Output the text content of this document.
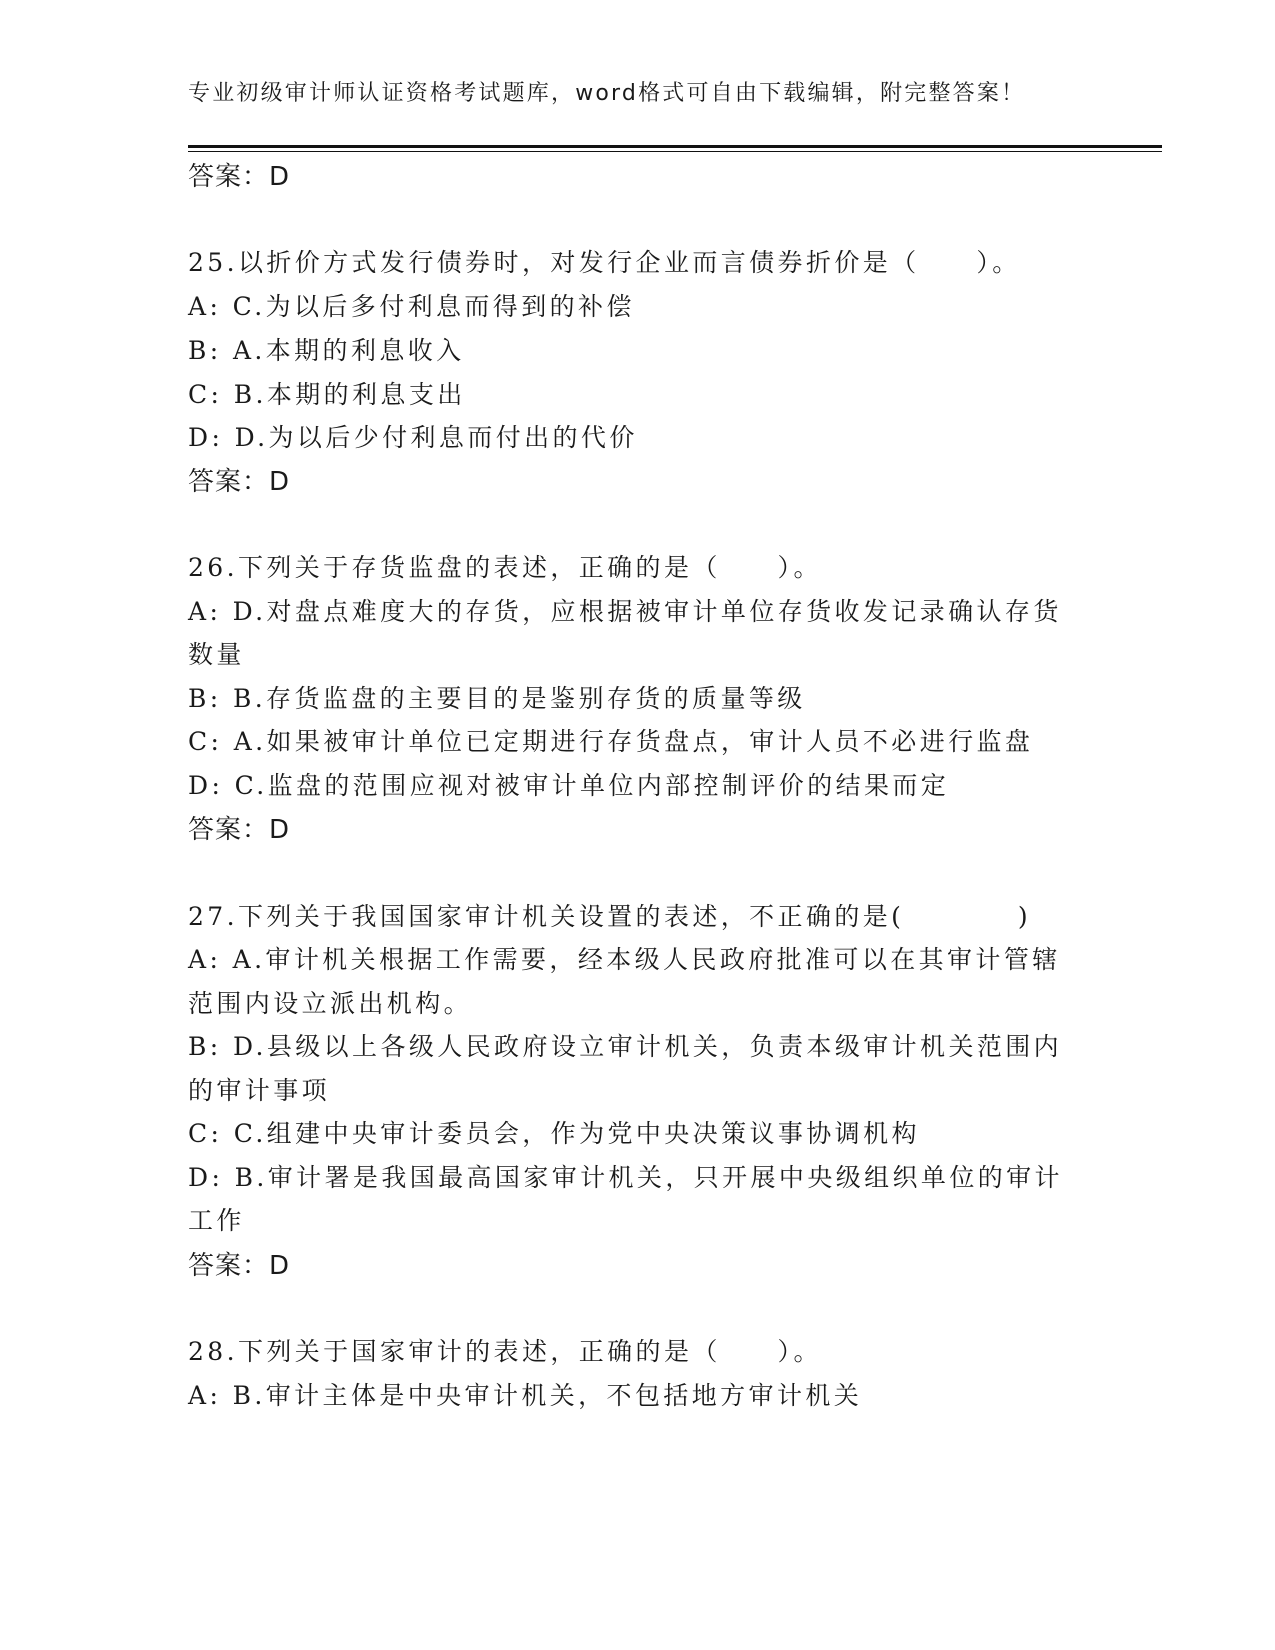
专业初级审计师认证资格考试题库，word格式可自由下载编辑，附完整答案！
答案：D
25.以折价方式发行债券时，对发行企业而言债券折价是（　　）。
A: C.为以后多付利息而得到的补偿
B: A.本期的利息收入
C: B.本期的利息支出
D: D.为以后少付利息而付出的代价
答案：D
26.下列关于存货监盘的表述，正确的是（　　）。
A: D.对盘点难度大的存货，应根据被审计单位存货收发记录确认存货
数量
B: B.存货监盘的主要目的是鉴别存货的质量等级
C: A.如果被审计单位已定期进行存货盘点，审计人员不必进行监盘
D: C.监盘的范围应视对被审计单位内部控制评价的结果而定
答案：D
27.下列关于我国国家审计机关设置的表述，不正确的是(　　　　)
A: A.审计机关根据工作需要，经本级人民政府批准可以在其审计管辖
范围内设立派出机构。
B: D.县级以上各级人民政府设立审计机关，负责本级审计机关范围内
的审计事项
C: C.组建中央审计委员会，作为党中央决策议事协调机构
D: B.审计署是我国最高国家审计机关，只开展中央级组织单位的审计
工作
答案：D
28.下列关于国家审计的表述，正确的是（　　）。
A: B.审计主体是中央审计机关，不包括地方审计机关
